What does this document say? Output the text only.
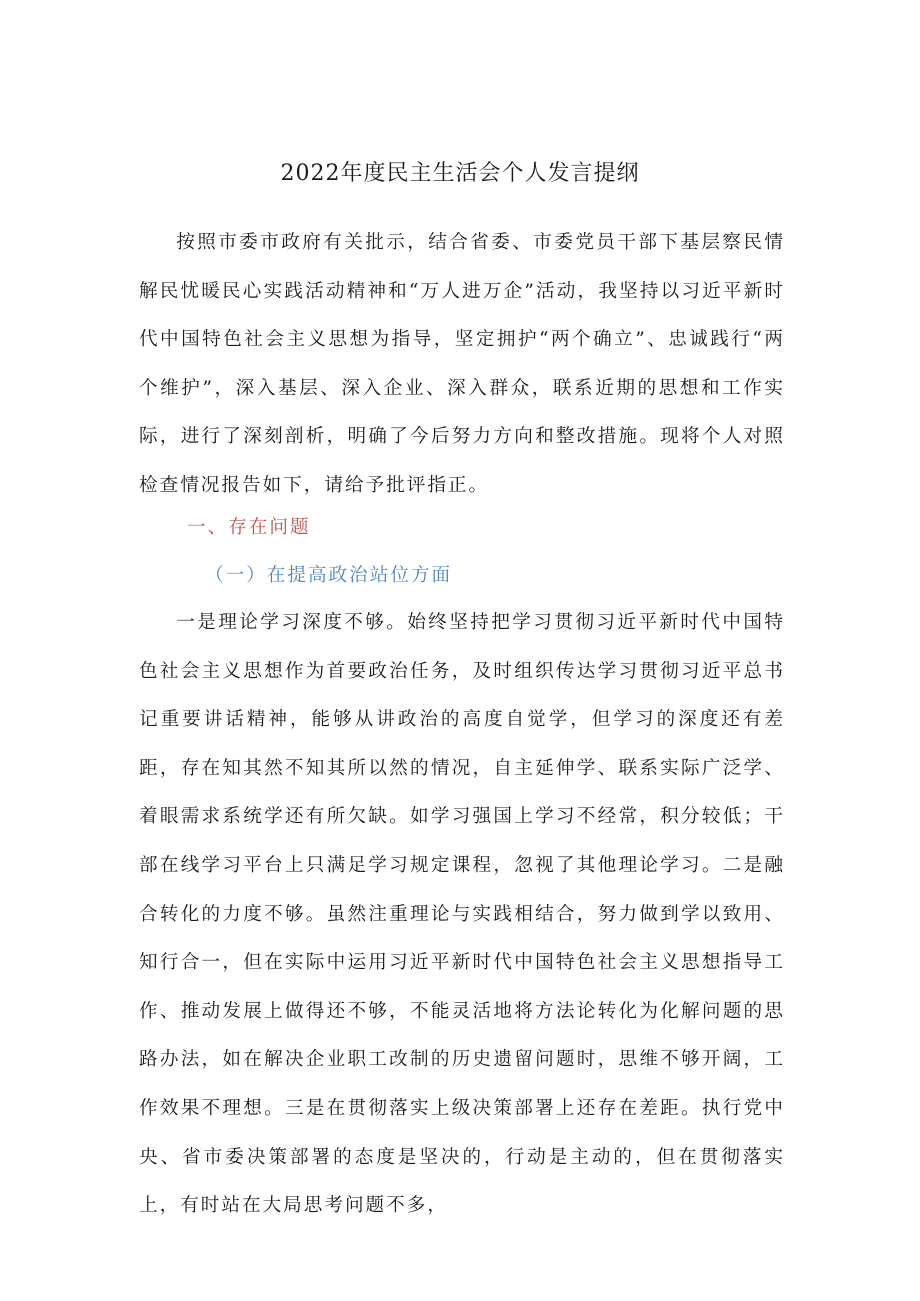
2022年度民主生活会个人发言提纲

按照市委市政府有关批示，结合省委、市委党员干部下基层察民情解民忧暖民心实践活动精神和“万人进万企”活动，我坚持以习近平新时代中国特色社会主义思想为指导，坚定拥护“两个确立”、忠诚践行“两个维护”，深入基层、深入企业、深入群众，联系近期的思想和工作实际，进行了深刻剖析，明确了今后努力方向和整改措施。现将个人对照检查情况报告如下，请给予批评指正。

一、存在问题

（一）在提高政治站位方面

一是理论学习深度不够。始终坚持把学习贯彻习近平新时代中国特色社会主义思想作为首要政治任务，及时组织传达学习贯彻习近平总书记重要讲话精神，能够从讲政治的高度自觉学，但学习的深度还有差距，存在知其然不知其所以然的情况，自主延伸学、联系实际广泛学、着眼需求系统学还有所欠缺。如学习强国上学习不经常，积分较低；干部在线学习平台上只满足学习规定课程，忽视了其他理论学习。二是融合转化的力度不够。虽然注重理论与实践相结合，努力做到学以致用、知行合一，但在实际中运用习近平新时代中国特色社会主义思想指导工作、推动发展上做得还不够，不能灵活地将方法论转化为化解问题的思路办法，如在解决企业职工改制的历史遗留问题时，思维不够开阔，工作效果不理想。三是在贯彻落实上级决策部署上还存在差距。执行党中央、省市委决策部署的态度是坚决的，行动是主动的，但在贯彻落实上，有时站在大局思考问题不多，
